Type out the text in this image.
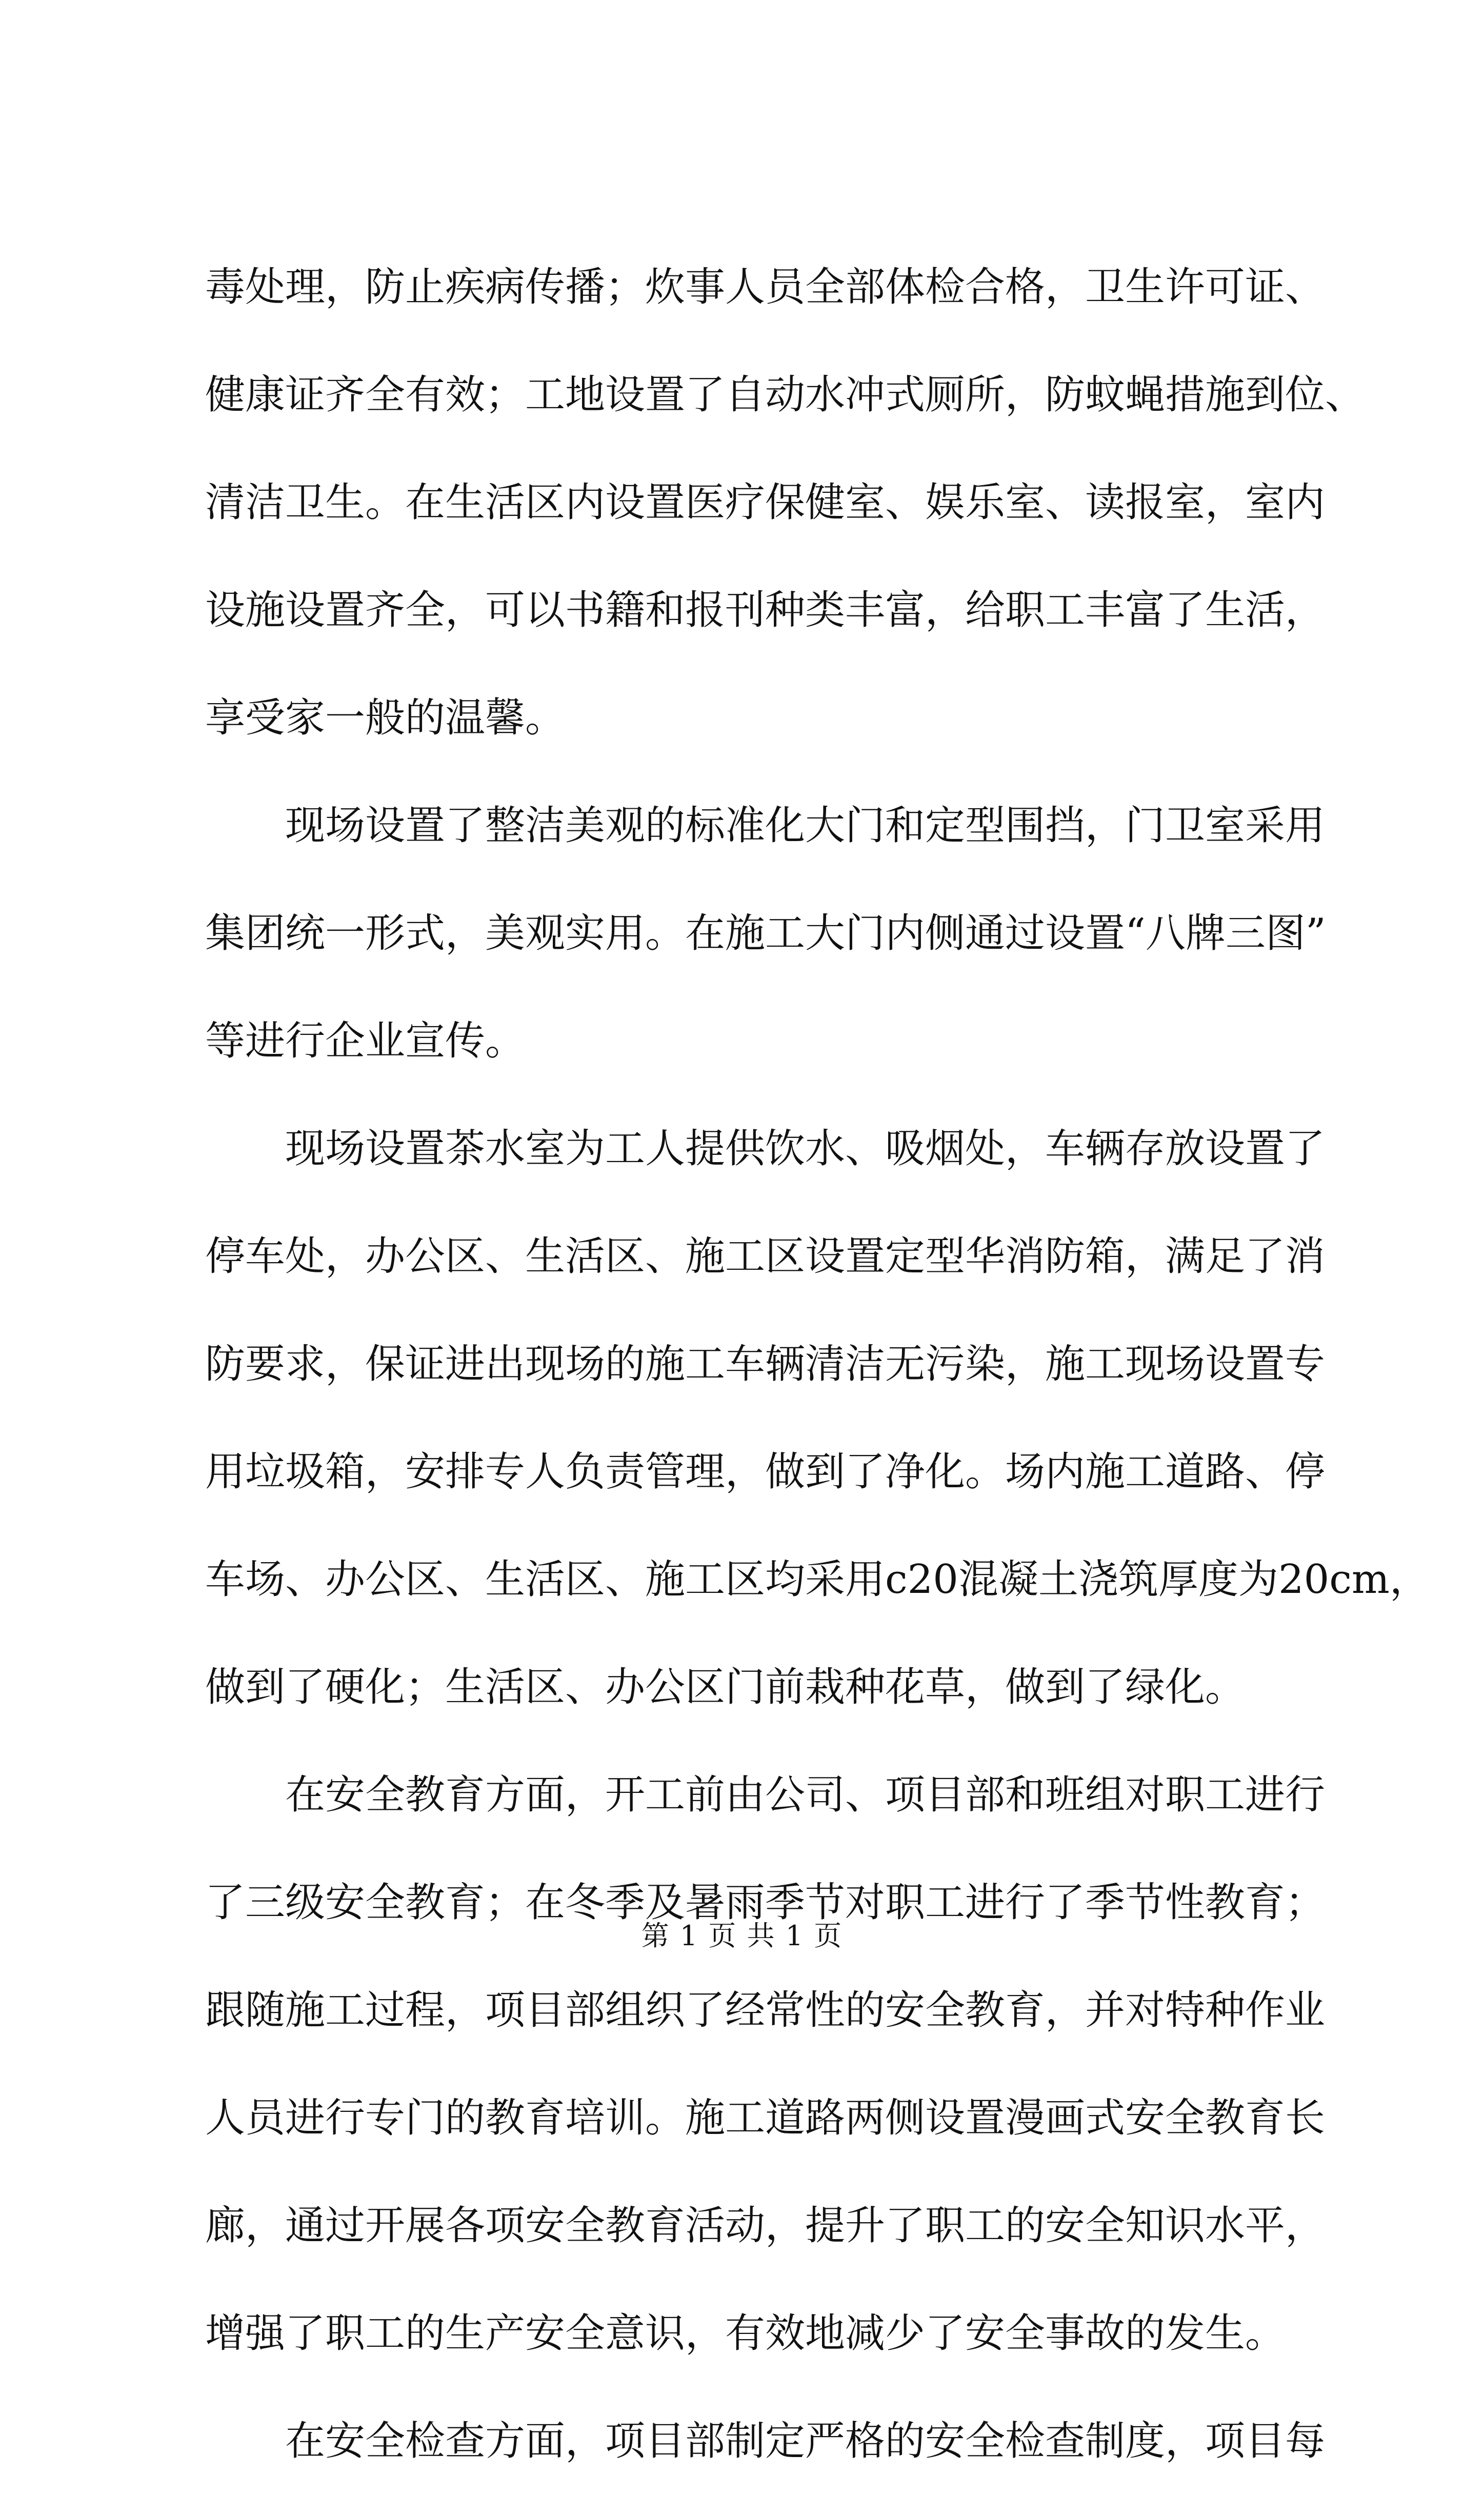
毒处理，防止疾病传播；炊事人员全部体检合格，卫生许可证、
健康证齐全有效；工地设置了自动水冲式厕所，防蚊蝇措施到位、
清洁卫生。在生活区内设置医疗保健室、娱乐室、读报室，室内
设施设置齐全，可以书籍和报刊种类丰富，给职工丰富了生活，
享受家一般的温馨。
现场设置了整洁美观的标准化大门和定型围挡，门卫室采用
集团统一形式，美观实用。在施工大门内侧通过设置“八牌三图”
等进行企业宣传。
现场设置茶水室为工人提供饮水、吸烟处，车辆存放设置了
停车处，办公区、生活区、施工区设置定型华消防箱，满足了消
防要求，保证进出现场的施工车辆清洁无污染，施工现场设置专
用垃圾箱，安排专人负责管理，做到了净化。场内施工道路、停
车场、办公区、生活区、施工区均采用c20混凝土浇筑厚度为20cm，
做到了硬化；生活区、办公区门前栽种花草，做到了绿化。
在安全教育方面，开工前由公司、项目部和班组对职工进行
了三级安全教育；在冬季及暑雨季节对职工进行了季节性教育；
跟随施工过程，项目部组织了经常性的安全教育，并对特种作业
人员进行专门的教育培训。施工道路两侧设置漫画式安全教育长
廊，通过开展各项安全教育活动，提升了职工的安全知识水平，
增强了职工的生产安全意识，有效地减少了安全事故的发生。
在安全检查方面，项目部制定严格的安全检查制度，项目每
第 1 页 共 1 页
